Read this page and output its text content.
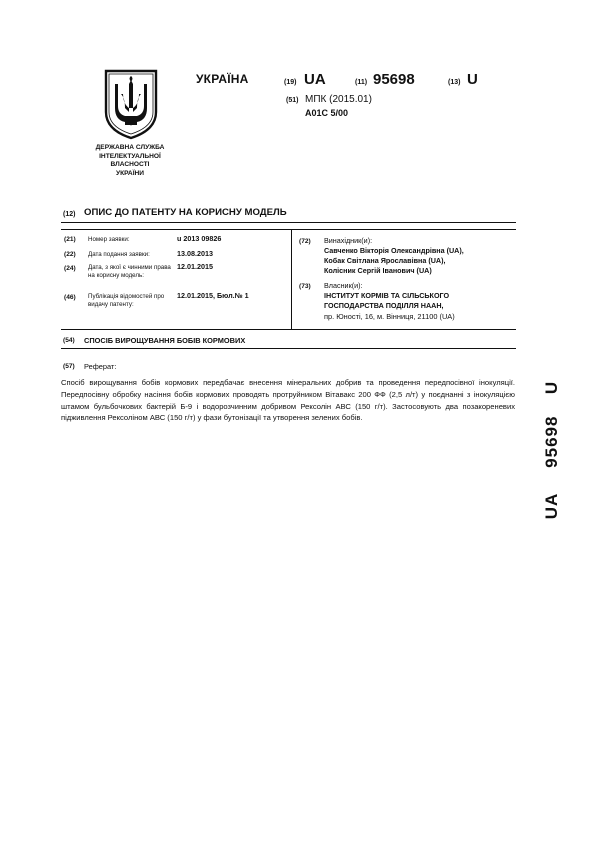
ДЕРЖАВНА СЛУЖБА
ІНТЕЛЕКТУАЛЬНОЇ
ВЛАСНОСТІ
УКРАЇНИ
УКРАЇНА	(19) UA	(11) 95698	(13) U
(51) МПК (2015.01)
A01C 5/00
(12) ОПИС ДО ПАТЕНТУ НА КОРИСНУ МОДЕЛЬ
(21) Номер заявки:	u 2013 09826
(22) Дата подання заявки:	13.08.2013
(24) Дата, з якої є чинними права на корисну модель:
12.01.2015
(46) Публікація відомостей про видачу патенту:
12.01.2015, Бюл.№ 1
(72) Винахідник(и):
Савченко Вікторія Олександрівна (UA),
Кобак Світлана Ярославівна (UA),
Колісник Сергій Іванович (UA)
(73) Власник(и):
ІНСТИТУТ КОРМІВ ТА СІЛЬСЬКОГО
ГОСПОДАРСТВА ПОДІЛЛЯ НААН,
пр. Юності, 16, м. Вінниця, 21100 (UA)
(54) СПОСІБ ВИРОЩУВАННЯ БОБІВ КОРМОВИХ
(57) Реферат:
Спосіб вирощування бобів кормових передбачає внесення мінеральних добрив та проведення передпосівної інокуляції. Передпосівну обробку насіння бобів кормових проводять протруйником Вітавакс 200 ФФ (2,5 л/т) у поєднанні з інокуляцією штамом бульбочкових бактерій Б-9 і водорозчинним добривом Рексолін АВС (150 г/т). Застосовують два позакореневих підживлення Рексоліном АВС (150 г/т) у фази бутонізації та утворення зелених бобів.
UA  95698  U
